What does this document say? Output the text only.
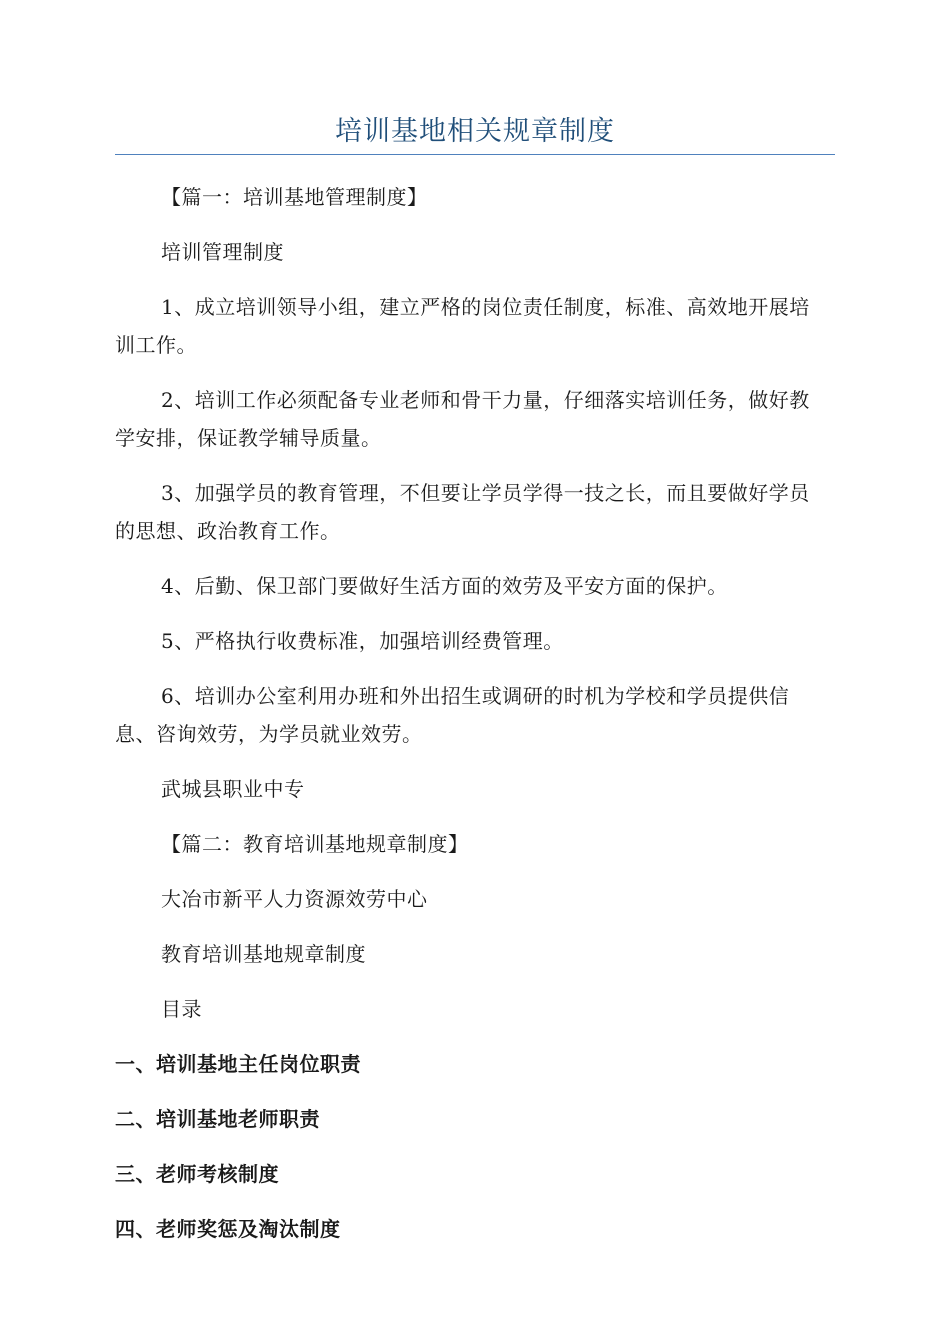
培训基地相关规章制度

【篇一：培训基地管理制度】

培训管理制度

1、成立培训领导小组，建立严格的岗位责任制度，标准、高效地开展培训工作。

2、培训工作必须配备专业老师和骨干力量，仔细落实培训任务，做好教学安排，保证教学辅导质量。

3、加强学员的教育管理，不但要让学员学得一技之长，而且要做好学员的思想、政治教育工作。

4、后勤、保卫部门要做好生活方面的效劳及平安方面的保护。

5、严格执行收费标准，加强培训经费管理。

6、培训办公室利用办班和外出招生或调研的时机为学校和学员提供信息、咨询效劳，为学员就业效劳。

武城县职业中专

【篇二：教育培训基地规章制度】

大冶市新平人力资源效劳中心

教育培训基地规章制度

目录

一、培训基地主任岗位职责

二、培训基地老师职责

三、老师考核制度

四、老师奖惩及淘汰制度
